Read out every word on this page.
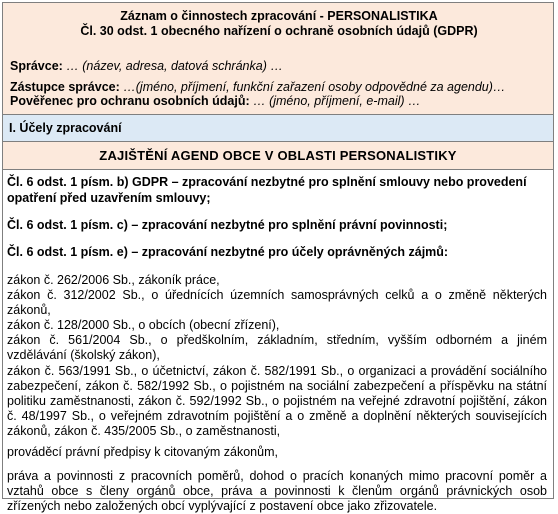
Záznam o činnostech zpracování - PERSONALISTIKA
Čl. 30 odst. 1 obecného nařízení o ochraně osobních údajů (GDPR)
Správce: … (název, adresa, datová schránka) …
Zástupce správce: …(jméno, příjmení, funkční zařazení osoby odpovědné za agendu)…
Pověřenec pro ochranu osobních údajů: … (jméno, příjmení, e-mail) …
I. Účely zpracování
ZAJIŠTĚNÍ AGEND OBCE V OBLASTI PERSONALISTIKY
Čl. 6 odst. 1 písm. b) GDPR – zpracování nezbytné pro splnění smlouvy nebo provedení opatření před uzavřením smlouvy;
Čl. 6 odst. 1 písm. c) – zpracování nezbytné pro splnění právní povinnosti;
Čl. 6 odst. 1 písm. e) – zpracování nezbytné pro účely oprávněných zájmů:

zákon č. 262/2006 Sb., zákoník práce,

zákon č. 312/2002 Sb., o úřednících územních samosprávných celků a o změně některých zákonů,

zákon č. 128/2000 Sb., o obcích (obecní zřízení),

zákon č. 561/2004 Sb., o předškolním, základním, středním, vyšším odborném a jiném vzdělávání (školský zákon),

zákon č. 563/1991 Sb., o účetnictví, zákon č. 582/1991 Sb., o organizaci a provádění sociálního zabezpečení, zákon č. 582/1992 Sb., o pojistném na sociální zabezpečení a příspěvku na státní politiku zaměstnanosti, zákon č. 592/1992 Sb., o pojistném na veřejné zdravotní pojištění, zákon č. 48/1997 Sb., o veřejném zdravotním pojištění a o změně a doplnění některých souvisejících zákonů, zákon č. 435/2005 Sb., o zaměstnanosti,

prováděcí právní předpisy k citovaným zákonům,

práva a povinnosti z pracovních poměrů, dohod o pracích konaných mimo pracovní poměr a vztahů obce s členy orgánů obce, práva a povinnosti k členům orgánů právnických osob zřízených nebo založených obcí vyplývající z postavení obce jako zřizovatele.
